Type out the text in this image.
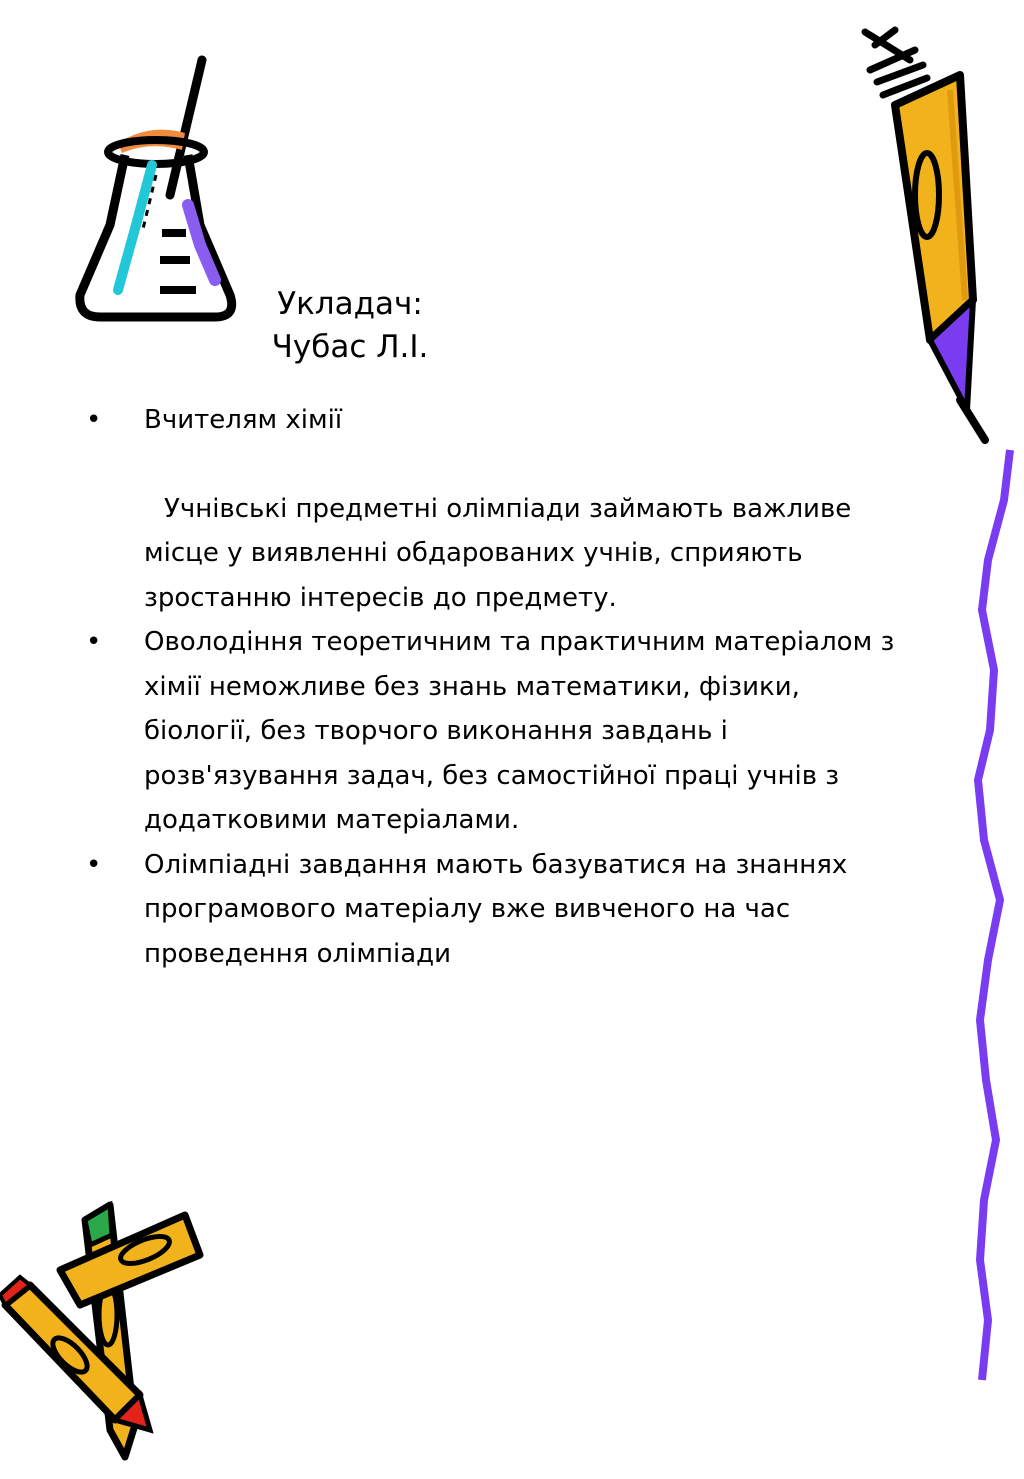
Укладач:
Чубас Л.І.
• Вчителям хімії
Учнівські предметні олімпіади займають важливе місце у виявленні обдарованих учнів, сприяють зростанню інтересів до предмету.
• Оволодіння теоретичним та практичним матеріалом з хімії неможливе без знань математики, фізики, біології, без творчого виконання завдань і розв'язування задач, без самостійної праці учнів з додатковими матеріалами.
• Олімпіадні завдання мають базуватися на знаннях програмового матеріалу вже вивченого на час проведення олімпіади
